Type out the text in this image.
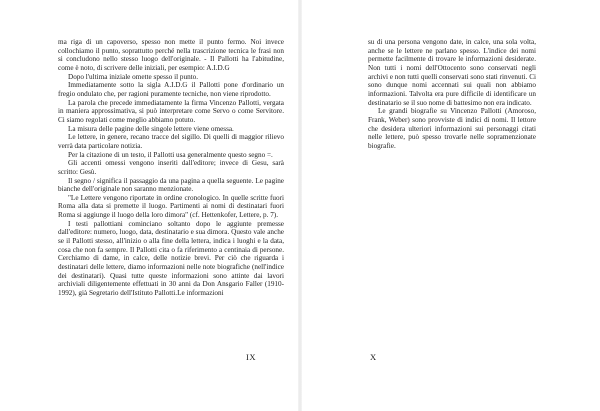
ma riga di un capoverso, spesso non mette il punto fermo. Noi invece collochiamo il punto, soprattutto perché nella trascrizione tecnica le frasi non si concludono nello stesso luogo dell'originale. - Il Pallotti ha l'abitudine, come è noto, di scrivere delle iniziali, per esempio: A.I.D.G

Dopo l'ultima iniziale omette spesso il punto.

Immediatamente sotto la sigla A.I.D.G il Pallotti pone d'ordinario un fregio ondulato che, per ragioni puramente tecniche, non viene riprodotto.

La parola che precede immediatamente la firma Vincenzo Pallotti, vergata in maniera approssimativa, si può interpretare come Servo o come Servitore. Ci siamo regolati come meglio abbiamo potuto.

La misura delle pagine delle singole lettere viene omessa.

Le lettere, in genere, recano tracce del sigillo. Di quelli di maggior rilievo verrà data particolare notizia.

Per la citazione di un testo, il Pallotti usa generalmente questo segno =.

Gli accenti omessi vengono inseriti dall'editore; invece di Gesu, sarà scritto: Gesù.

Il segno / significa il passaggio da una pagina a quella seguente. Le pagine bianche dell'originale non saranno menzionate.

"Le Lettere vengono riportate in ordine cronologico. In quelle scritte fuori Roma alla data si premette il luogo. Partimenti ai nomi di destinatari fuori Roma si aggiunge il luogo della loro dimora" (cf. Hettenkofer, Lettere, p. 7).

I testi pallottiani cominciano soltanto dopo le aggiunte premesse dall'editore: numero, luogo, data, destinatario e sua dimora. Questo vale anche se il Pallotti stesso, all'inizio o alla fine della lettera, indica i luoghi e la data, cosa che non fa sempre. Il Pallotti cita o fa riferimento a centinaia di persone. Cerchiamo di dame, in calce, delle notizie brevi. Per ciò che riguarda i destinatari delle lettere, diamo informazioni nelle note biografiche (nell'indice dei destinatari). Quasi tutte queste informazioni sono attinte dai lavori archiviali diligentemente effettuati in 30 anni da Don Ansgario Faller (1910-1992), già Segretario dell'Istituto Pallotti.Le informazioni

IX

su di una persona vengono date, in calce, una sola volta, anche se le lettere ne parlano spesso. L'indice dei nomi permette facilmente di trovare le informazioni desiderate. Non tutti i nomi dell'Ottocento sono conservati negli archivi e non tutti quelli conservati sono stati rinvenuti. Ci sono dunque nomi accennati sui quali non abbiamo informazioni. Talvolta era pure difficile di identificare un destinatario se il suo nome di battesimo non era indicato.

Le grandi biografie su Vincenzo Pallotti (Amoroso, Frank, Weber) sono provviste di indici di nomi. Il lettore che desidera ulteriori informazioni sui personaggi citati nelle lettere, può spesso trovarle nelle sopramenzionate biografie.

X
